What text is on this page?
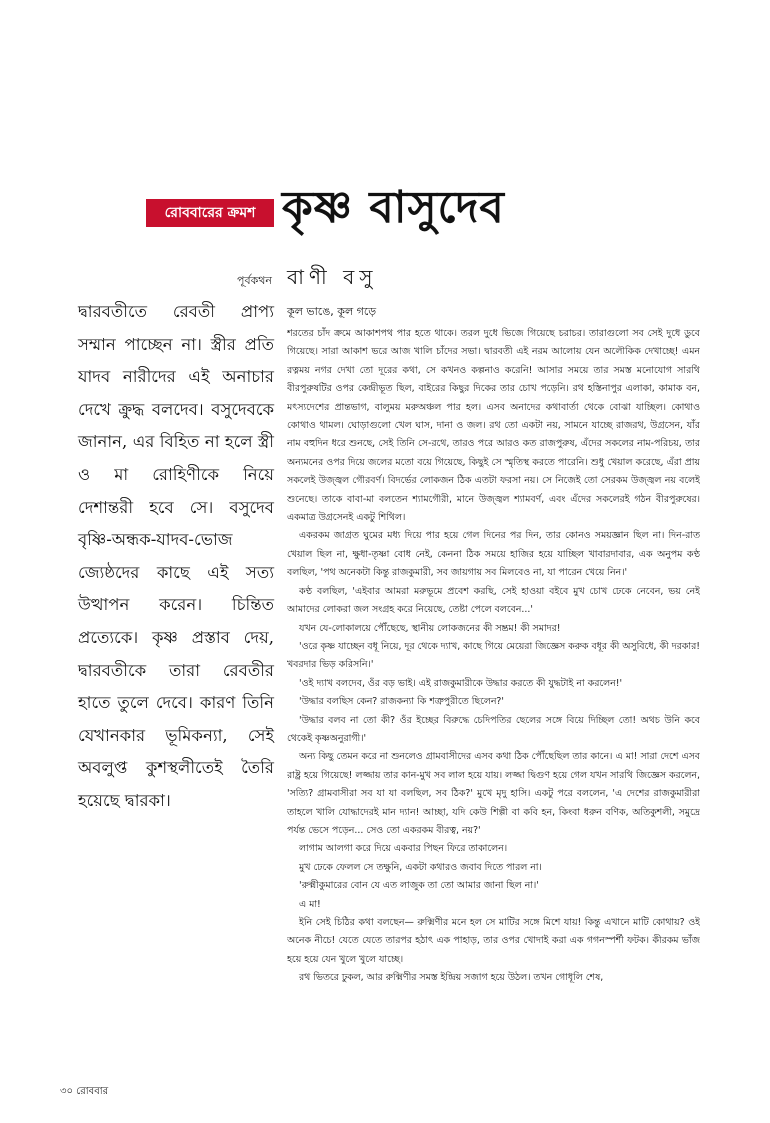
রোববারের ক্রমশ কৃষ্ণ বাসুদেব
বাণী বসু
পূর্বকথন
দ্বারবতীতে রেবতী প্রাপ্য সম্মান পাচ্ছেন না। স্ত্রীর প্রতি যাদব নারীদের এই অনাচার দেখে ক্রুদ্ধ বলদেব। বসুদেবকে জানান, এর বিহিত না হলে স্ত্রী ও মা রোহিণীকে নিয়ে দেশান্তরী হবে সে। বসুদেব বৃষ্ণি-অন্ধক-যাদব-ভোজ জ্যেষ্ঠদের কাছে এই সত্য উত্থাপন করেন। চিন্তিত প্রত্যেকে। কৃষ্ণ প্রস্তাব দেয়, দ্বারবতীকে তারা রেবতীর হাতে তুলে দেবে। কারণ তিনি যেখানকার ভূমিকন্যা, সেই অবলুপ্ত কুশস্থলীতেই তৈরি হয়েছে দ্বারকা।
কূল ভাঙে, কূল গড়ে

শরতের চাঁদ ক্রমে আকাশপথ পার হতে থাকে। তরল দুধে ভিজে গিয়েছে চরাচর। তারাগুলো সব সেই দুধে ডুবে গিয়েছে। সারা আকাশ ভরে আজ খালি চাঁদের সভা। দ্বারবতী এই নরম আলোয় যেন অলৌকিক দেখাচ্ছে! এমন রত্নময় নগর দেখা তো দূরের কথা, সে কখনও কল্পনাও করেনি! আসার সময়ে তার সমস্ত মনোযোগ সারথি বীরপুরুষটির ওপর কেন্দ্রীভূত ছিল, বাইরের কিছুর দিকের তার চোখ পড়েনি। রথ হস্তিনাপুর এলাকা, কামাক বন, মৎস্যদেশের প্রান্তভাগ, বালুময় মরুঅঞ্চল পার হল। এসব অনাদের কথাবার্তা থেকে বোঝা যাচ্ছিল। কোথাও কোথাও থামল। ঘোড়াগুলো খেল ঘাস, দানা ও জল। রথ তো একটা নয়, সামনে যাচ্ছে রাজরথ, উগ্রসেন, যাঁর নাম বহুদিন ধরে শুনছে, সেই তিনি সে-রথে, তারও পরে আরও কত রাজপুরুষ, এঁদের সকলের নাম-পরিচয়, তার অন্যমনের ওপর দিয়ে জলের মতো বয়ে গিয়েছে, কিছুই সে স্মৃতিস্থ করতে পারেনি। শুধু খেয়াল করেছে, এঁরা প্রায় সকলেই উজ্জ্বল গৌরবর্ণ। বিদর্ভের লোকজন ঠিক এতটা ফরসা নয়। সে নিজেই তো সেরকম উজ্জ্বল নয় বলেই শুনেছে। তাকে বাবা-মা বলতেন শ্যামগৌরী, মানে উজ্জ্বল শ্যামবর্ণ, এবং এঁদের সকলেরই গঠন বীরপুরুষের। একমাত্র উগ্রসেনই একটু শিথিল।

একরকম জাগ্রত ঘুমের মধ্য দিয়ে পার হয়ে গেল দিনের পর দিন, তার কোনও সময়জ্ঞান ছিল না। দিন-রাত খেয়াল ছিল না, ক্ষুধা-তৃষ্ণা বোধ নেই, কেননা ঠিক সময়ে হাজির হয়ে যাচ্ছিল খাবারদাবার, এক অনুপম কণ্ঠ বলছিল, 'পথ অনেকটা কিন্তু রাজকুমারী, সব জায়গায় সব মিলবেও না, যা পারেন খেয়ে নিন।'

কণ্ঠ বলছিল, 'এইবার আমরা মরুভূমে প্রবেশ করছি, সেই হাওয়া বইবে মুখ চোখ ঢেকে নেবেন, ভয় নেই আমাদের লোকরা জল সংগ্রহ করে নিয়েছে, তেষ্টা পেলে বলবেন...'

যখন যে-লোকালয়ে পৌঁছেছে, স্থানীয় লোকজনের কী সম্ভ্রম! কী সমাদর!

'ওরে কৃষ্ণ যাচ্ছেন বধূ নিয়ে, দূর থেকে দ্যাখ, কাছে গিয়ে মেয়েরা জিজ্ঞেস করুক বধূর কী অসুবিধে, কী দরকার! খবরদার ভিড় করিসনি।'

'ওই দ্যাখ বলদেব, ওঁর বড় ভাই। এই রাজকুমারীকে উদ্ধার করতে কী যুদ্ধটাই না করলেন!'

'উদ্ধার বলছিস কেন? রাজকন্যা কি শত্রুপুরীতে ছিলেন?'

'উদ্ধার বলব না তো কী? ওঁর ইচ্ছের বিরুদ্ধে চেদিপতির ছেলের সঙ্গে বিয়ে দিচ্ছিল তো! অথচ উনি কবে থেকেই কৃষ্ণঅনুরাগী।'

অন্য কিছু তেমন করে না শুনলেও গ্রামবাসীদের এসব কথা ঠিক পৌঁছেছিল তার কানে। এ মা! সারা দেশে এসব রাষ্ট্র হয়ে গিয়েছে! লজ্জায় তার কান-মুখ সব লাল হয়ে যায়। লজ্জা দ্বিগুণ হয়ে গেল যখন সারথি জিজ্ঞেস করলেন, 'সত্যি? গ্রামবাসীরা সব যা যা বলছিল, সব ঠিক?' মুখে মৃদু হাসি। একটু পরে বললেন, 'এ দেশের রাজকুমারীরা তাহলে খালি যোদ্ধাদেরই মান দ্যান! আচ্ছা, যদি কেউ শিল্পী বা কবি হন, কিংবা ধরুন বণিক, অতিকুশলী, সমুদ্রে পর্যন্ত ভেসে পড়েন... সেও তো একরকম বীরত্ব, নয়?'

লাগাম আলগা করে দিয়ে একবার পিছন ফিরে তাকালেন।

মুখ ঢেকে ফেলল সে তক্ষুনি, একটা কথারও জবাব দিতে পারল না।

'রুক্মীকুমারের বোন যে এত লাজুক তা তো আমার জানা ছিল না।'

এ মা!

ইনি সেই চিঠির কথা বলছেন— রুক্মিণীর মনে হল সে মাটির সঙ্গে মিশে যায়! কিন্তু এখানে মাটি কোথায়? ওই অনেক নীচে! যেতে যেতে তারপর হঠাৎ এক পাহাড়, তার ওপর খোদাই করা এক গগনস্পর্শী ফটক। কীরকম ভাঁজ হয়ে হয়ে যেন খুলে খুলে যাচ্ছে।

রথ ভিতরে ঢুকল, আর রুক্মিণীর সমস্ত ইন্দ্রিয় সজাগ হয়ে উঠল। তখন গোধূলি শেষ,

৩০ রোববার
